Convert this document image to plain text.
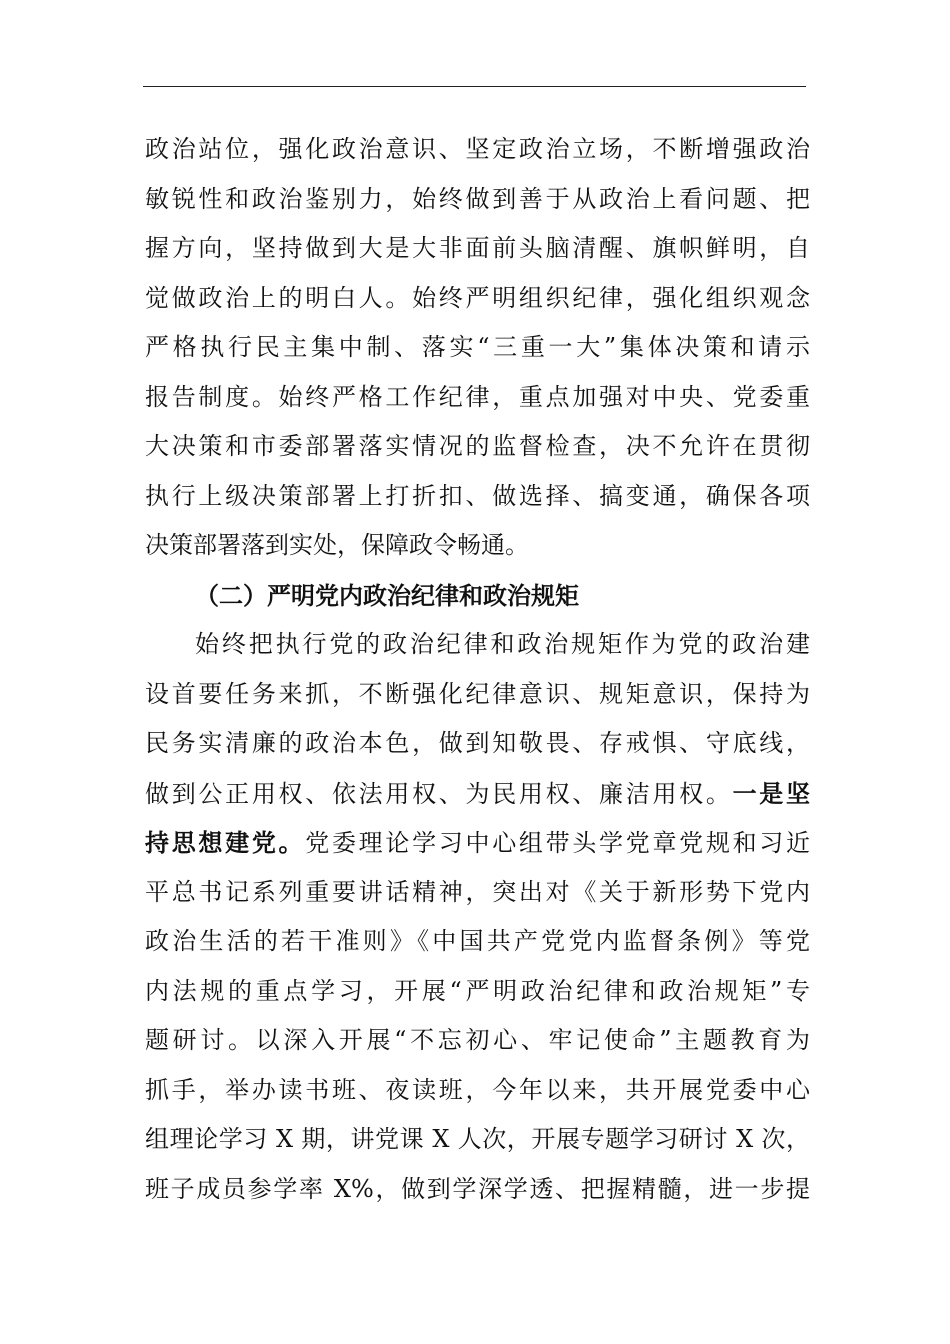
政治站位，强化政治意识、坚定政治立场，不断增强政治
敏锐性和政治鉴别力，始终做到善于从政治上看问题、把
握方向，坚持做到大是大非面前头脑清醒、旗帜鲜明，自
觉做政治上的明白人。始终严明组织纪律，强化组织观念
严格执行民主集中制、落实“三重一大”集体决策和请示
报告制度。始终严格工作纪律，重点加强对中央、党委重
大决策和市委部署落实情况的监督检查，决不允许在贯彻
执行上级决策部署上打折扣、做选择、搞变通，确保各项
决策部署落到实处，保障政令畅通。
（二）严明党内政治纪律和政治规矩
始终把执行党的政治纪律和政治规矩作为党的政治建
设首要任务来抓，不断强化纪律意识、规矩意识，保持为
民务实清廉的政治本色，做到知敬畏、存戒惧、守底线，
做到公正用权、依法用权、为民用权、廉洁用权。一是坚
持思想建党。党委理论学习中心组带头学党章党规和习近
平总书记系列重要讲话精神，突出对《关于新形势下党内
政治生活的若干准则》《中国共产党党内监督条例》等党
内法规的重点学习，开展“严明政治纪律和政治规矩”专
题研讨。以深入开展“不忘初心、牢记使命”主题教育为
抓手，举办读书班、夜读班，今年以来，共开展党委中心
组理论学习 X 期，讲党课 X 人次，开展专题学习研讨 X 次，
班子成员参学率 X%，做到学深学透、把握精髓，进一步提
